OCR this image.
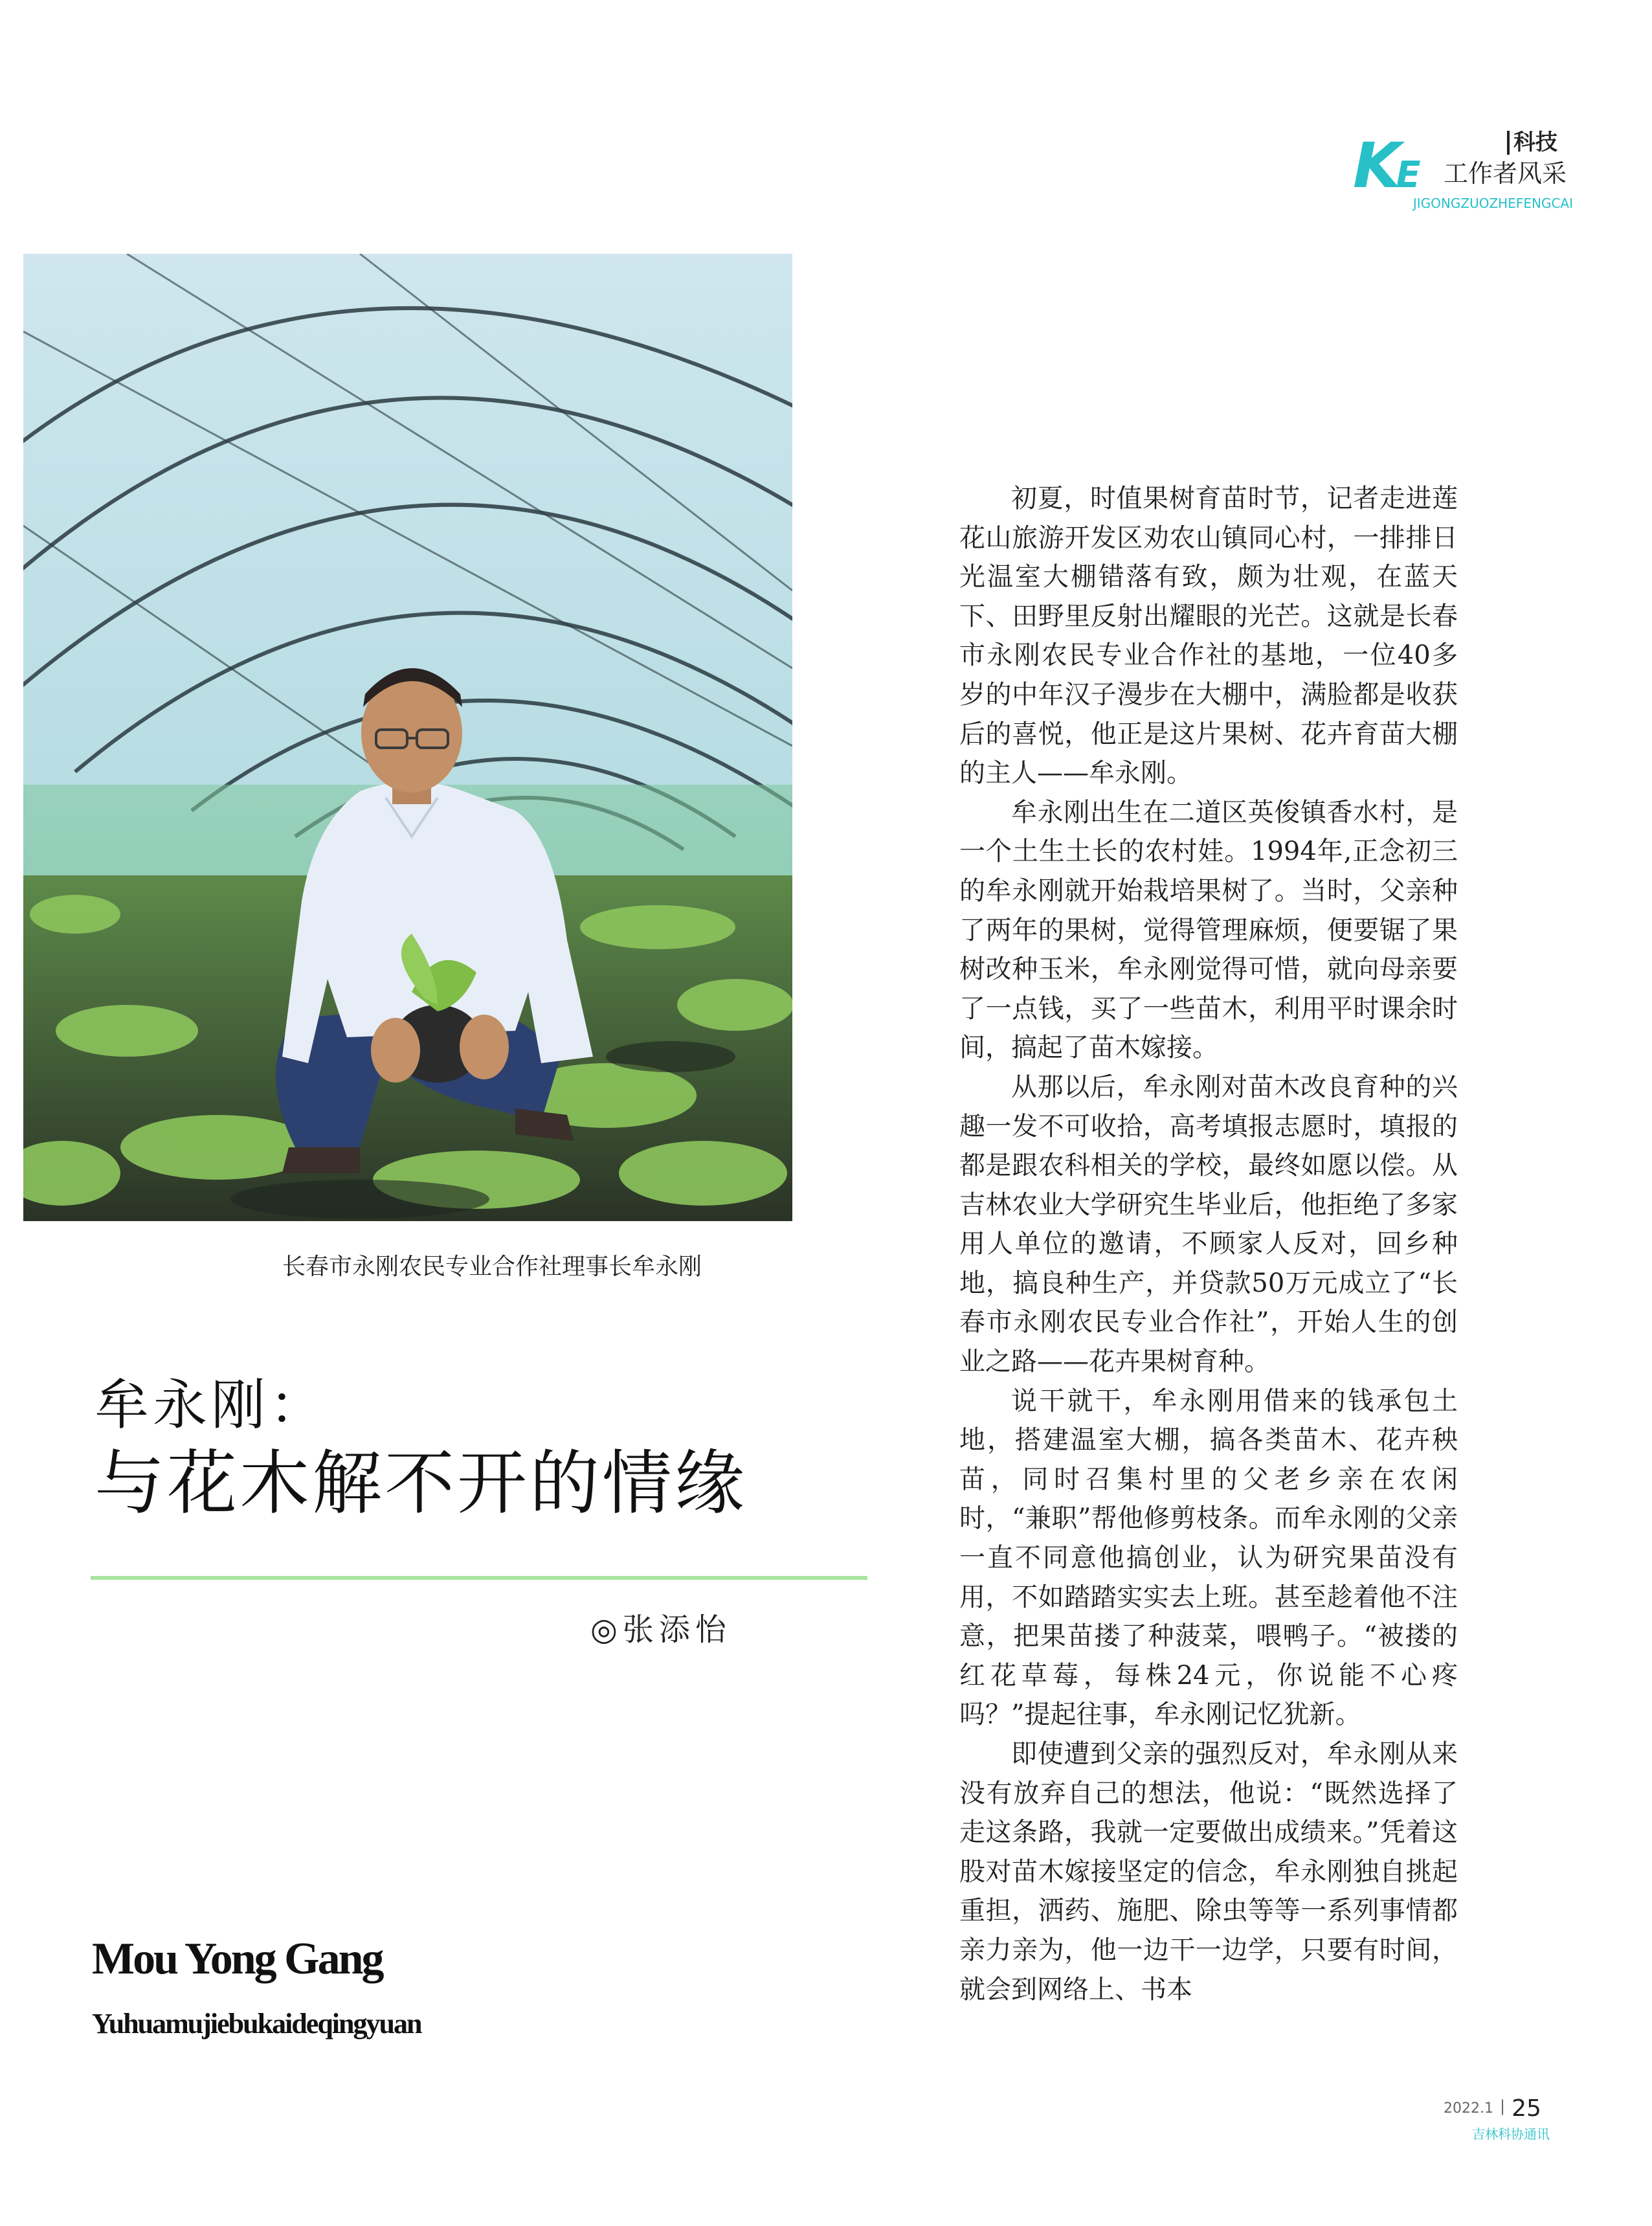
KE
科技
工作者风采
JIGONGZUOZHEFENGCAI
长春市永刚农民专业合作社理事长牟永刚
牟永刚：
与花木解不开的情缘
◎张添怡
Mou Yong Gang
Yuhuamujiebukaideqingyuan

初夏，时值果树育苗时节，记者走进莲花山旅游开发区劝农山镇同心村，一排排日光温室大棚错落有致，颇为壮观，在蓝天下、田野里反射出耀眼的光芒。这就是长春市永刚农民专业合作社的基地，一位40多岁的中年汉子漫步在大棚中，满脸都是收获后的喜悦，他正是这片果树、花卉育苗大棚的主人——牟永刚。

牟永刚出生在二道区英俊镇香水村，是一个土生土长的农村娃。1994年,正念初三的牟永刚就开始栽培果树了。当时，父亲种了两年的果树，觉得管理麻烦，便要锯了果树改种玉米，牟永刚觉得可惜，就向母亲要了一点钱，买了一些苗木，利用平时课余时间，搞起了苗木嫁接。

从那以后，牟永刚对苗木改良育种的兴趣一发不可收拾，高考填报志愿时，填报的都是跟农科相关的学校，最终如愿以偿。从吉林农业大学研究生毕业后，他拒绝了多家用人单位的邀请，不顾家人反对，回乡种地，搞良种生产，并贷款50万元成立了“长春市永刚农民专业合作社”，开始人生的创业之路——花卉果树育种。

说干就干，牟永刚用借来的钱承包土地，搭建温室大棚，搞各类苗木、花卉秧苗，同时召集村里的父老乡亲在农闲时，“兼职”帮他修剪枝条。而牟永刚的父亲一直不同意他搞创业，认为研究果苗没有用，不如踏踏实实去上班。甚至趁着他不注意，把果苗搂了种菠菜，喂鸭子。“被搂的红花草莓，每株24元，你说能不心疼吗？”提起往事，牟永刚记忆犹新。

即使遭到父亲的强烈反对，牟永刚从来没有放弃自己的想法，他说：“既然选择了走这条路，我就一定要做出成绩来。”凭着这股对苗木嫁接坚定的信念，牟永刚独自挑起重担，洒药、施肥、除虫等等一系列事情都亲力亲为，他一边干一边学，只要有时间，就会到网络上、书本

2022.1 | 25
吉林科协通讯
